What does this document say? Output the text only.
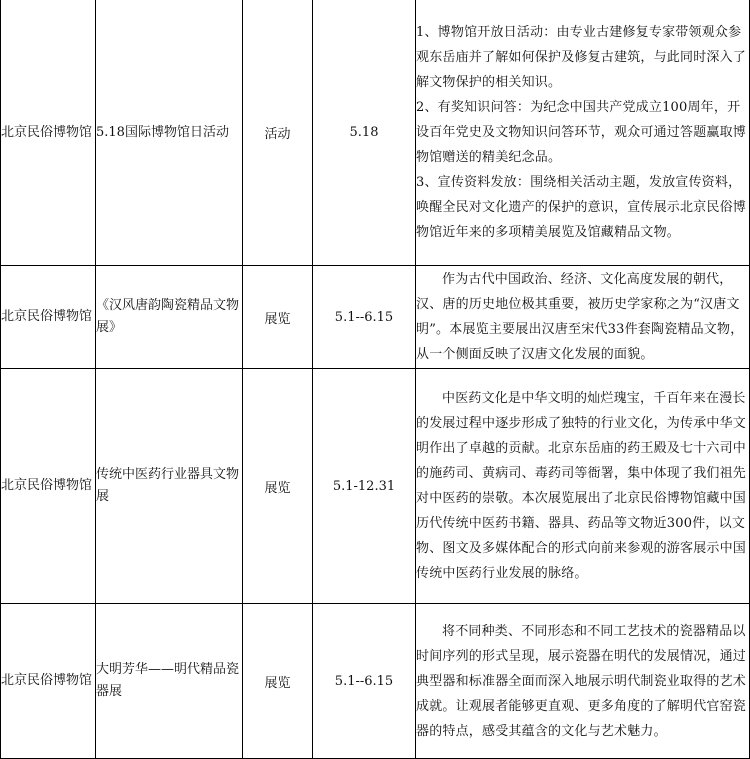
北京民俗博物馆	5.18国际博物馆日活动	活动	5.18	1、博物馆开放日活动：由专业古建修复专家带领观众参观东岳庙并了解如何保护及修复古建筑，与此同时深入了解文物保护的相关知识。

2、有奖知识问答：为纪念中国共产党成立100周年，开设百年党史及文物知识问答环节，观众可通过答题赢取博物馆赠送的精美纪念品。

3、宣传资料发放：围绕相关活动主题，发放宣传资料，唤醒全民对文化遗产的保护的意识，宣传展示北京民俗博物馆近年来的多项精美展览及馆藏精品文物。

北京民俗博物馆	《汉风唐韵陶瓷精品文物展》	展览	5.1--6.15	作为古代中国政治、经济、文化高度发展的朝代，汉、唐的历史地位极其重要，被历史学家称之为“汉唐文明”。本展览主要展出汉唐至宋代33件套陶瓷精品文物，从一个侧面反映了汉唐文化发展的面貌。

北京民俗博物馆	传统中医药行业器具文物展	展览	5.1-12.31	中医药文化是中华文明的灿烂瑰宝，千百年来在漫长的发展过程中逐步形成了独特的行业文化，为传承中华文明作出了卓越的贡献。北京东岳庙的药王殿及七十六司中的施药司、黄病司、毒药司等衙署，集中体现了我们祖先对中医药的崇敬。本次展览展出了北京民俗博物馆藏中国历代传统中医药书籍、器具、药品等文物近300件，以文物、图文及多媒体配合的形式向前来参观的游客展示中国传统中医药行业发展的脉络。

北京民俗博物馆	大明芳华——明代精品瓷器展	展览	5.1--6.15	将不同种类、不同形态和不同工艺技术的瓷器精品以时间序列的形式呈现，展示瓷器在明代的发展情况，通过典型器和标准器全面而深入地展示明代制瓷业取得的艺术成就。让观展者能够更直观、更多角度的了解明代官窑瓷器的特点，感受其蕴含的文化与艺术魅力。
